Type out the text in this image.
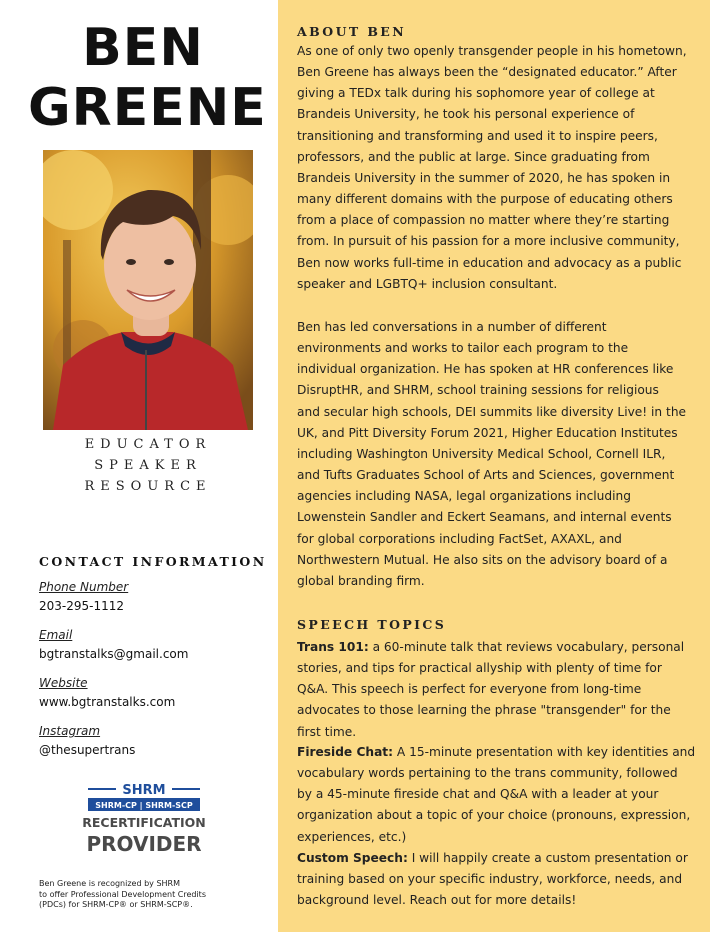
BEN
GREENE
EDUCATOR
SPEAKER
RESOURCE
CONTACT INFORMATION
Phone Number
203-295-1112
Email
bgtranstalks@gmail.com
Website
www.bgtranstalks.com
Instagram
@thesupertrans
SHRM
SHRM-CP | SHRM-SCP
RECERTIFICATION
PROVIDER
Ben Greene is recognized by SHRM
to offer Professional Development Credits
(PDCs) for SHRM-CP® or SHRM-SCP®.
ABOUT BEN

As one of only two openly transgender people in his hometown,
Ben Greene has always been the “designated educator.” After
giving a TEDx talk during his sophomore year of college at
Brandeis University, he took his personal experience of
transitioning and transforming and used it to inspire peers,
professors, and the public at large. Since graduating from
Brandeis University in the summer of 2020, he has spoken in
many different domains with the purpose of educating others
from a place of compassion no matter where they’re starting
from. In pursuit of his passion for a more inclusive community,
Ben now works full-time in education and advocacy as a public
speaker and LGBTQ+ inclusion consultant.

Ben has led conversations in a number of different
environments and works to tailor each program to the
individual organization. He has spoken at HR conferences like
DisruptHR, and SHRM, school training sessions for religious
and secular high schools, DEI summits like diversity Live! in the
UK, and Pitt Diversity Forum 2021, Higher Education Institutes
including Washington University Medical School, Cornell ILR,
and Tufts Graduates School of Arts and Sciences, government
agencies including NASA, legal organizations including
Lowenstein Sandler and Eckert Seamans, and internal events
for global corporations including FactSet, AXAXL, and
Northwestern Mutual. He also sits on the advisory board of a
global branding firm.

SPEECH TOPICS

Trans 101: a 60-minute talk that reviews vocabulary, personal
stories, and tips for practical allyship with plenty of time for
Q&A. This speech is perfect for everyone from long-time
advocates to those learning the phrase "transgender" for the
first time.

Fireside Chat: A 15-minute presentation with key identities and
vocabulary words pertaining to the trans community, followed
by a 45-minute fireside chat and Q&A with a leader at your
organization about a topic of your choice (pronouns, expression,
experiences, etc.)

Custom Speech: I will happily create a custom presentation or
training based on your specific industry, workforce, needs, and
background level. Reach out for more details!
